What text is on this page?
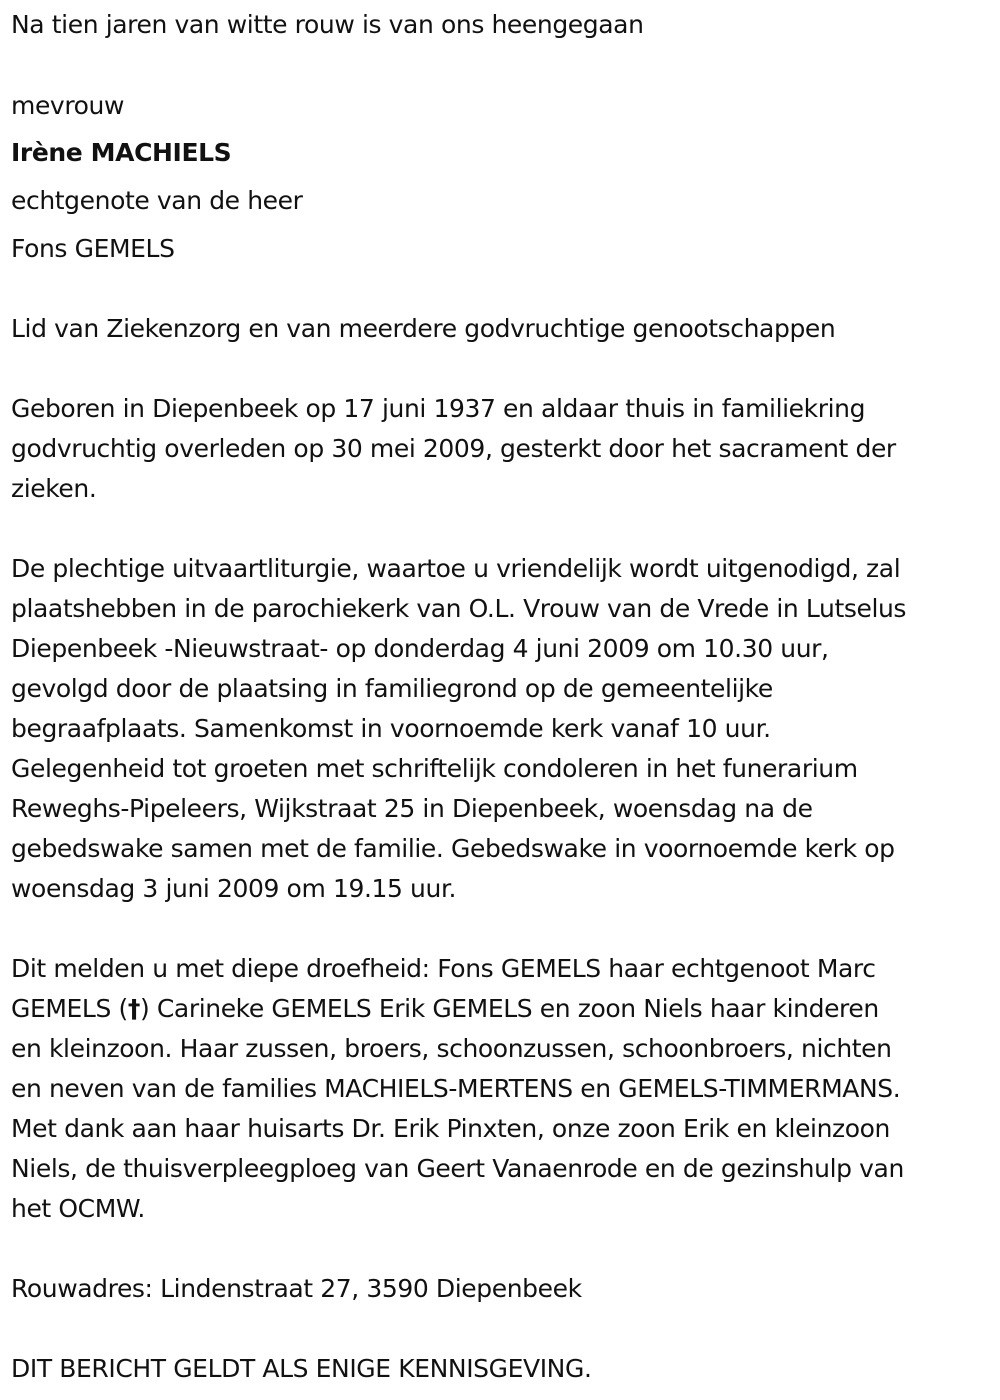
Na tien jaren van witte rouw is van ons heengegaan

mevrouw

Irène MACHIELS

echtgenote van de heer

Fons GEMELS

Lid van Ziekenzorg en van meerdere godvruchtige genootschappen

Geboren in Diepenbeek op 17 juni 1937 en aldaar thuis in familiekring
godvruchtig overleden op 30 mei 2009, gesterkt door het sacrament der
zieken.
De plechtige uitvaartliturgie, waartoe u vriendelijk wordt uitgenodigd, zal
plaatshebben in de parochiekerk van O.L. Vrouw van de Vrede in Lutselus
Diepenbeek -Nieuwstraat- op donderdag 4 juni 2009 om 10.30 uur,
gevolgd door de plaatsing in familiegrond op de gemeentelijke
begraafplaats. Samenkomst in voornoemde kerk vanaf 10 uur.
Gelegenheid tot groeten met schriftelijk condoleren in het funerarium
Reweghs-Pipeleers, Wijkstraat 25 in Diepenbeek, woensdag na de
gebedswake samen met de familie. Gebedswake in voornoemde kerk op
woensdag 3 juni 2009 om 19.15 uur.
Dit melden u met diepe droefheid: Fons GEMELS haar echtgenoot Marc
GEMELS (†) Carineke GEMELS Erik GEMELS en zoon Niels haar kinderen
en kleinzoon. Haar zussen, broers, schoonzussen, schoonbroers, nichten
en neven van de families MACHIELS-MERTENS en GEMELS-TIMMERMANS.
Met dank aan haar huisarts Dr. Erik Pinxten, onze zoon Erik en kleinzoon
Niels, de thuisverpleegploeg van Geert Vanaenrode en de gezinshulp van
het OCMW.

Rouwadres: Lindenstraat 27, 3590 Diepenbeek

DIT BERICHT GELDT ALS ENIGE KENNISGEVING.
